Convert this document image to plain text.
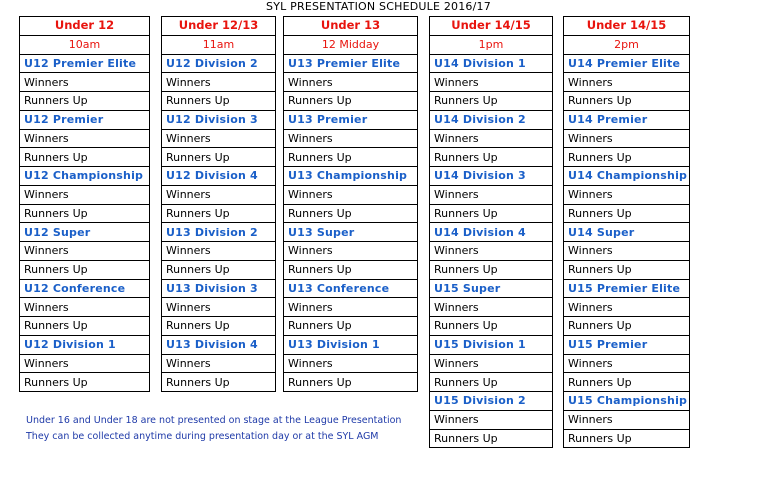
SYL PRESENTATION SCHEDULE 2016/17
Under 12
10am
U12 Premier Elite
Winners
Runners Up
U12 Premier
Winners
Runners Up
U12 Championship
Winners
Runners Up
U12 Super
Winners
Runners Up
U12 Conference
Winners
Runners Up
U12 Division 1
Winners
Runners Up
Under 12/13
11am
U12 Division 2
Winners
Runners Up
U12 Division 3
Winners
Runners Up
U12 Division 4
Winners
Runners Up
U13 Division 2
Winners
Runners Up
U13 Division 3
Winners
Runners Up
U13 Division 4
Winners
Runners Up
Under 13
12 Midday
U13 Premier Elite
Winners
Runners Up
U13 Premier
Winners
Runners Up
U13 Championship
Winners
Runners Up
U13 Super
Winners
Runners Up
U13 Conference
Winners
Runners Up
U13 Division 1
Winners
Runners Up
Under 14/15
1pm
U14 Division 1
Winners
Runners Up
U14 Division 2
Winners
Runners Up
U14 Division 3
Winners
Runners Up
U14 Division 4
Winners
Runners Up
U15 Super
Winners
Runners Up
U15 Division 1
Winners
Runners Up
U15 Division 2
Winners
Runners Up
Under 14/15
2pm
U14 Premier Elite
Winners
Runners Up
U14 Premier
Winners
Runners Up
U14 Championship
Winners
Runners Up
U14 Super
Winners
Runners Up
U15 Premier Elite
Winners
Runners Up
U15 Premier
Winners
Runners Up
U15 Championship
Winners
Runners Up
Under 16 and Under 18 are not presented on stage at the League Presentation
They can be collected anytime during presentation day or at the SYL AGM
